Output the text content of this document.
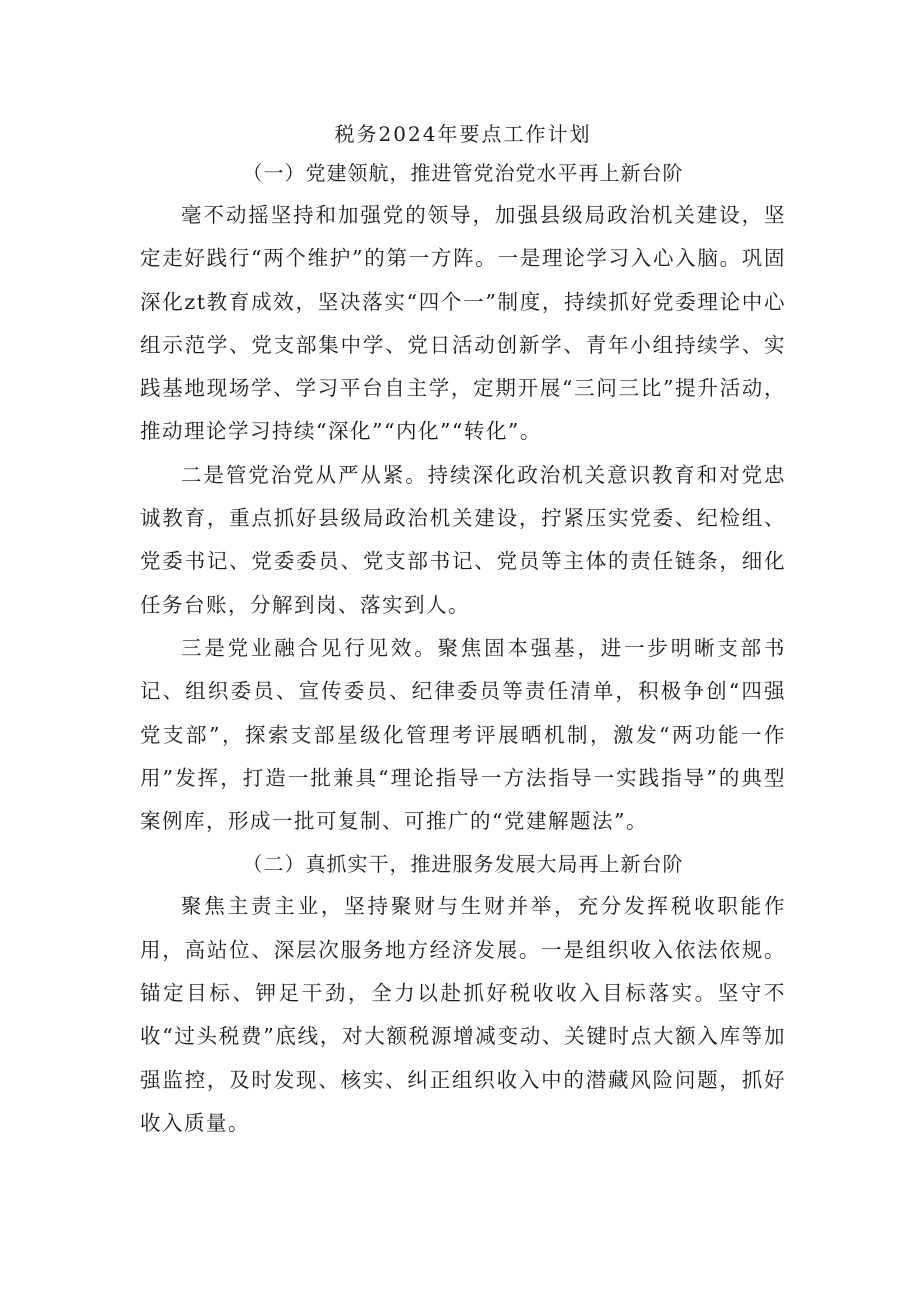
税务2024年要点工作计划
（一）党建领航，推进管党治党水平再上新台阶

毫不动摇坚持和加强党的领导，加强县级局政治机关建设，坚定走好践行“两个维护”的第一方阵。一是理论学习入心入脑。巩固深化zt教育成效，坚决落实“四个一”制度，持续抓好党委理论中心组示范学、党支部集中学、党日活动创新学、青年小组持续学、实践基地现场学、学习平台自主学，定期开展“三问三比”提升活动，推动理论学习持续“深化”“内化”“转化”。

二是管党治党从严从紧。持续深化政治机关意识教育和对党忠诚教育，重点抓好县级局政治机关建设，拧紧压实党委、纪检组、党委书记、党委委员、党支部书记、党员等主体的责任链条，细化任务台账，分解到岗、落实到人。

三是党业融合见行见效。聚焦固本强基，进一步明晰支部书记、组织委员、宣传委员、纪律委员等责任清单，积极争创“四强党支部”，探索支部星级化管理考评展晒机制，激发“两功能一作用”发挥，打造一批兼具“理论指导一方法指导一实践指导”的典型案例库，形成一批可复制、可推广的“党建解题法”。

（二）真抓实干，推进服务发展大局再上新台阶

聚焦主责主业，坚持聚财与生财并举，充分发挥税收职能作用，高站位、深层次服务地方经济发展。一是组织收入依法依规。锚定目标、钾足干劲，全力以赴抓好税收收入目标落实。坚守不收“过头税费”底线，对大额税源增减变动、关键时点大额入库等加强监控，及时发现、核实、纠正组织收入中的潜藏风险问题，抓好收入质量。
